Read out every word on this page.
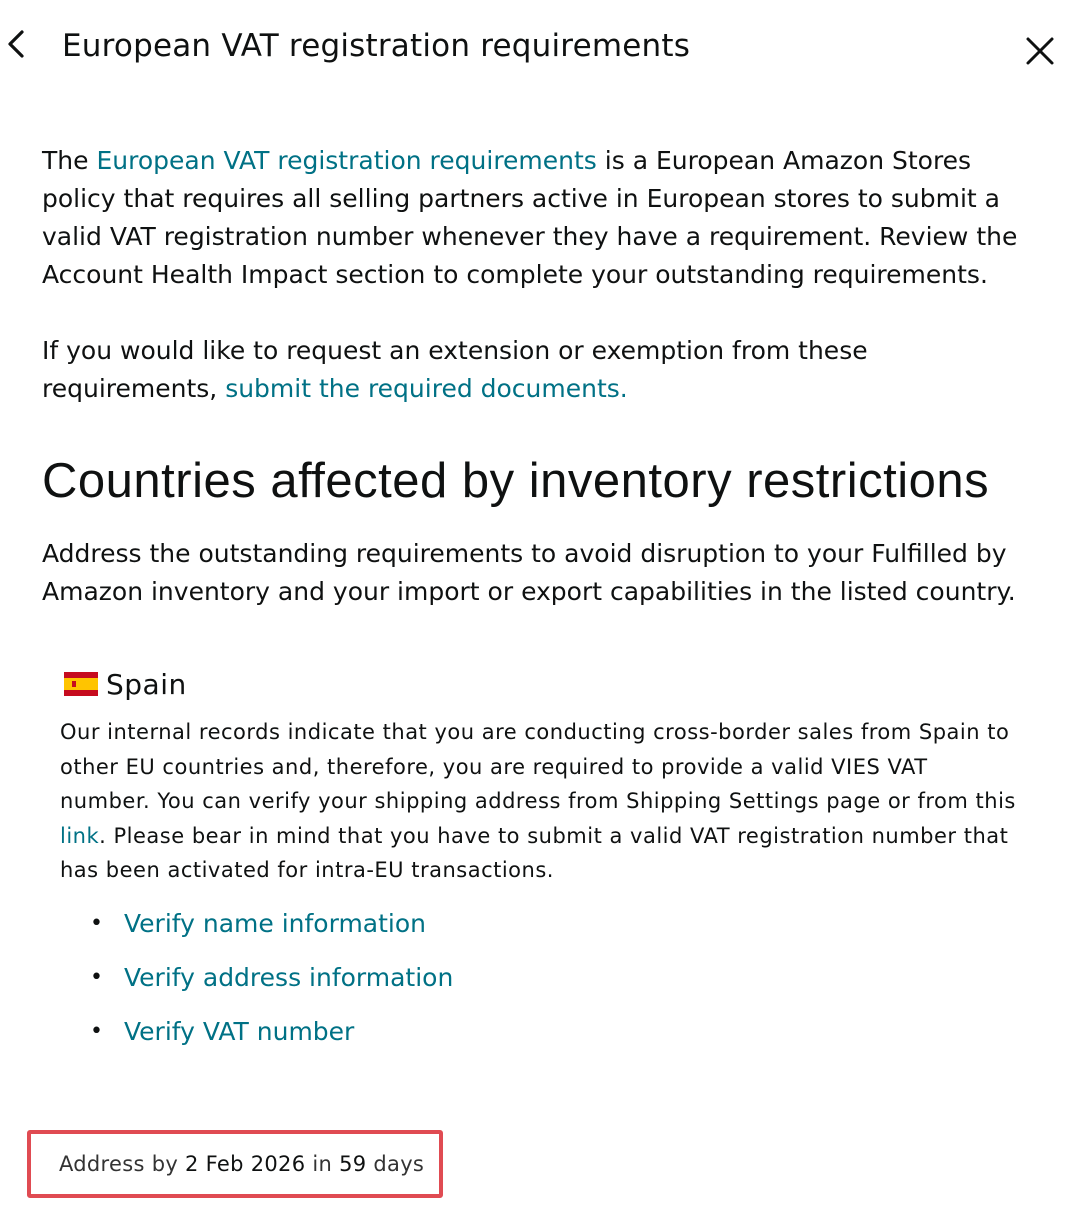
European VAT registration requirements

The European VAT registration requirements is a European Amazon Stores policy that requires all selling partners active in European stores to submit a valid VAT registration number whenever they have a requirement. Review the Account Health Impact section to complete your outstanding requirements.

If you would like to request an extension or exemption from these requirements, submit the required documents.

Countries affected by inventory restrictions

Address the outstanding requirements to avoid disruption to your Fulfilled by Amazon inventory and your import or export capabilities in the listed country.

Spain

Our internal records indicate that you are conducting cross-border sales from Spain to other EU countries and, therefore, you are required to provide a valid VIES VAT number. You can verify your shipping address from Shipping Settings page or from this link. Please bear in mind that you have to submit a valid VAT registration number that has been activated for intra-EU transactions.

• Verify name information
• Verify address information
• Verify VAT number
Address by 2 Feb 2026 in 59 days
